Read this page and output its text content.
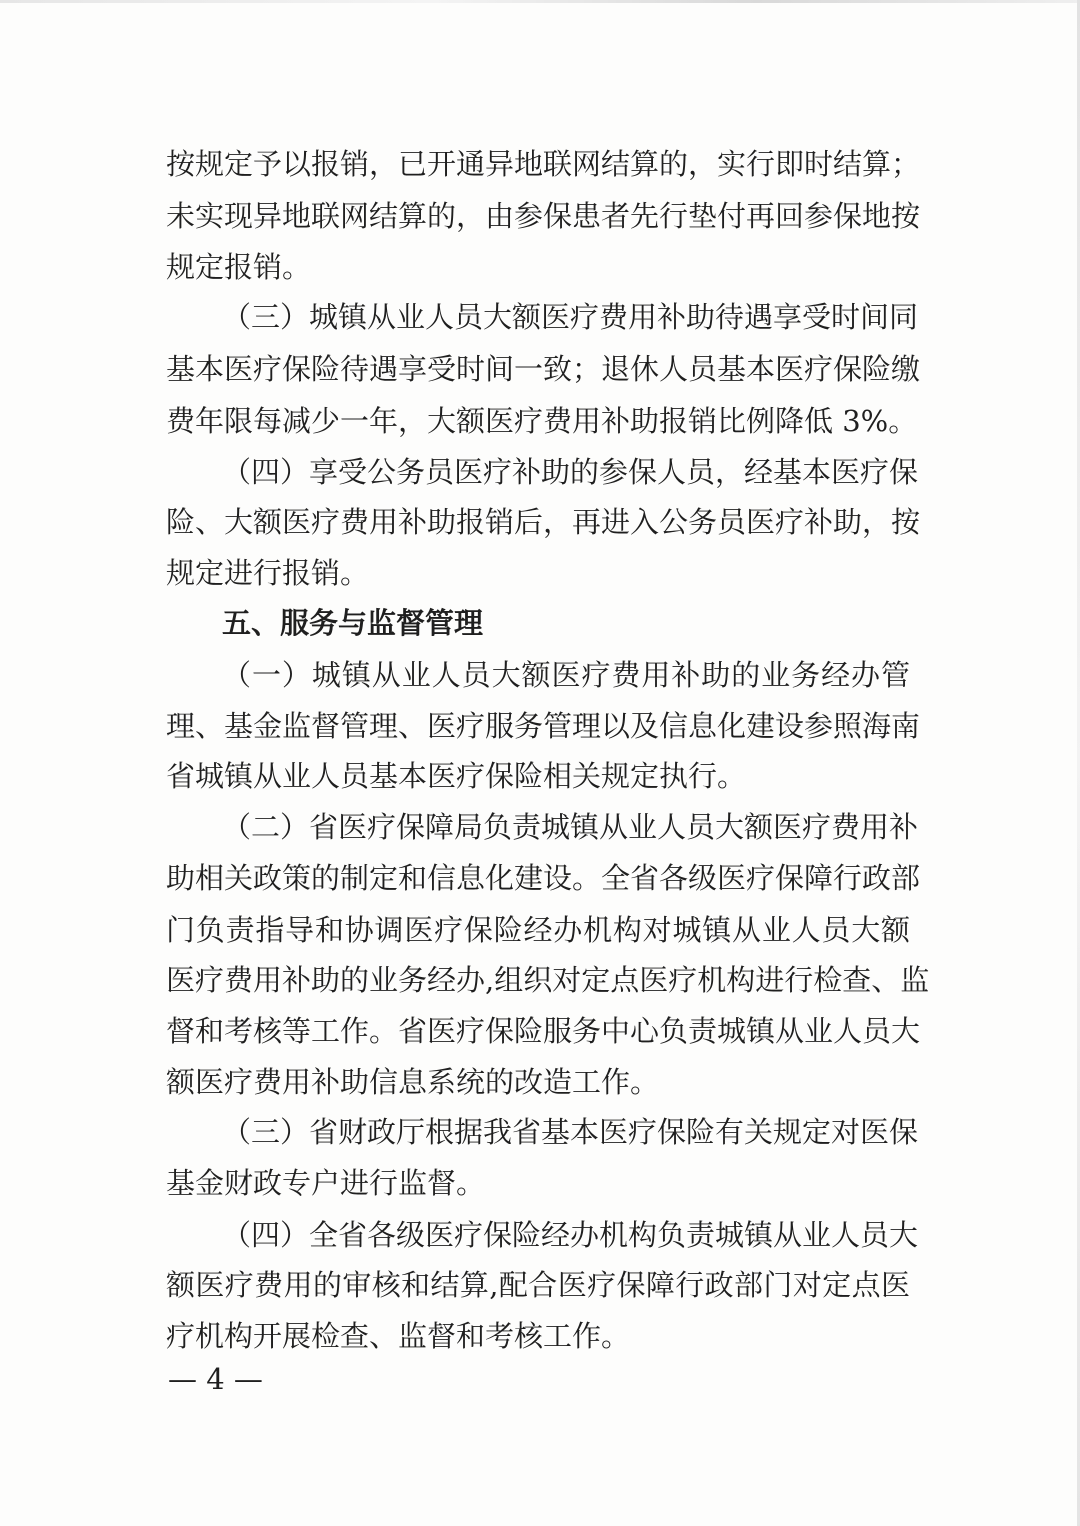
按规定予以报销，已开通异地联网结算的，实行即时结算；

未实现异地联网结算的，由参保患者先行垫付再回参保地按

规定报销。

（三）城镇从业人员大额医疗费用补助待遇享受时间同

基本医疗保险待遇享受时间一致；退休人员基本医疗保险缴

费年限每减少一年，大额医疗费用补助报销比例降低 3%。

（四）享受公务员医疗补助的参保人员，经基本医疗保

险、大额医疗费用补助报销后，再进入公务员医疗补助，按

规定进行报销。

五、服务与监督管理

（一）城镇从业人员大额医疗费用补助的业务经办管

理、基金监督管理、医疗服务管理以及信息化建设参照海南

省城镇从业人员基本医疗保险相关规定执行。

（二）省医疗保障局负责城镇从业人员大额医疗费用补

助相关政策的制定和信息化建设。全省各级医疗保障行政部

门负责指导和协调医疗保险经办机构对城镇从业人员大额

医疗费用补助的业务经办,组织对定点医疗机构进行检查、监

督和考核等工作。省医疗保险服务中心负责城镇从业人员大

额医疗费用补助信息系统的改造工作。

（三）省财政厅根据我省基本医疗保险有关规定对医保

基金财政专户进行监督。

（四）全省各级医疗保险经办机构负责城镇从业人员大

额医疗费用的审核和结算,配合医疗保障行政部门对定点医

疗机构开展检查、监督和考核工作。

— 4 —
